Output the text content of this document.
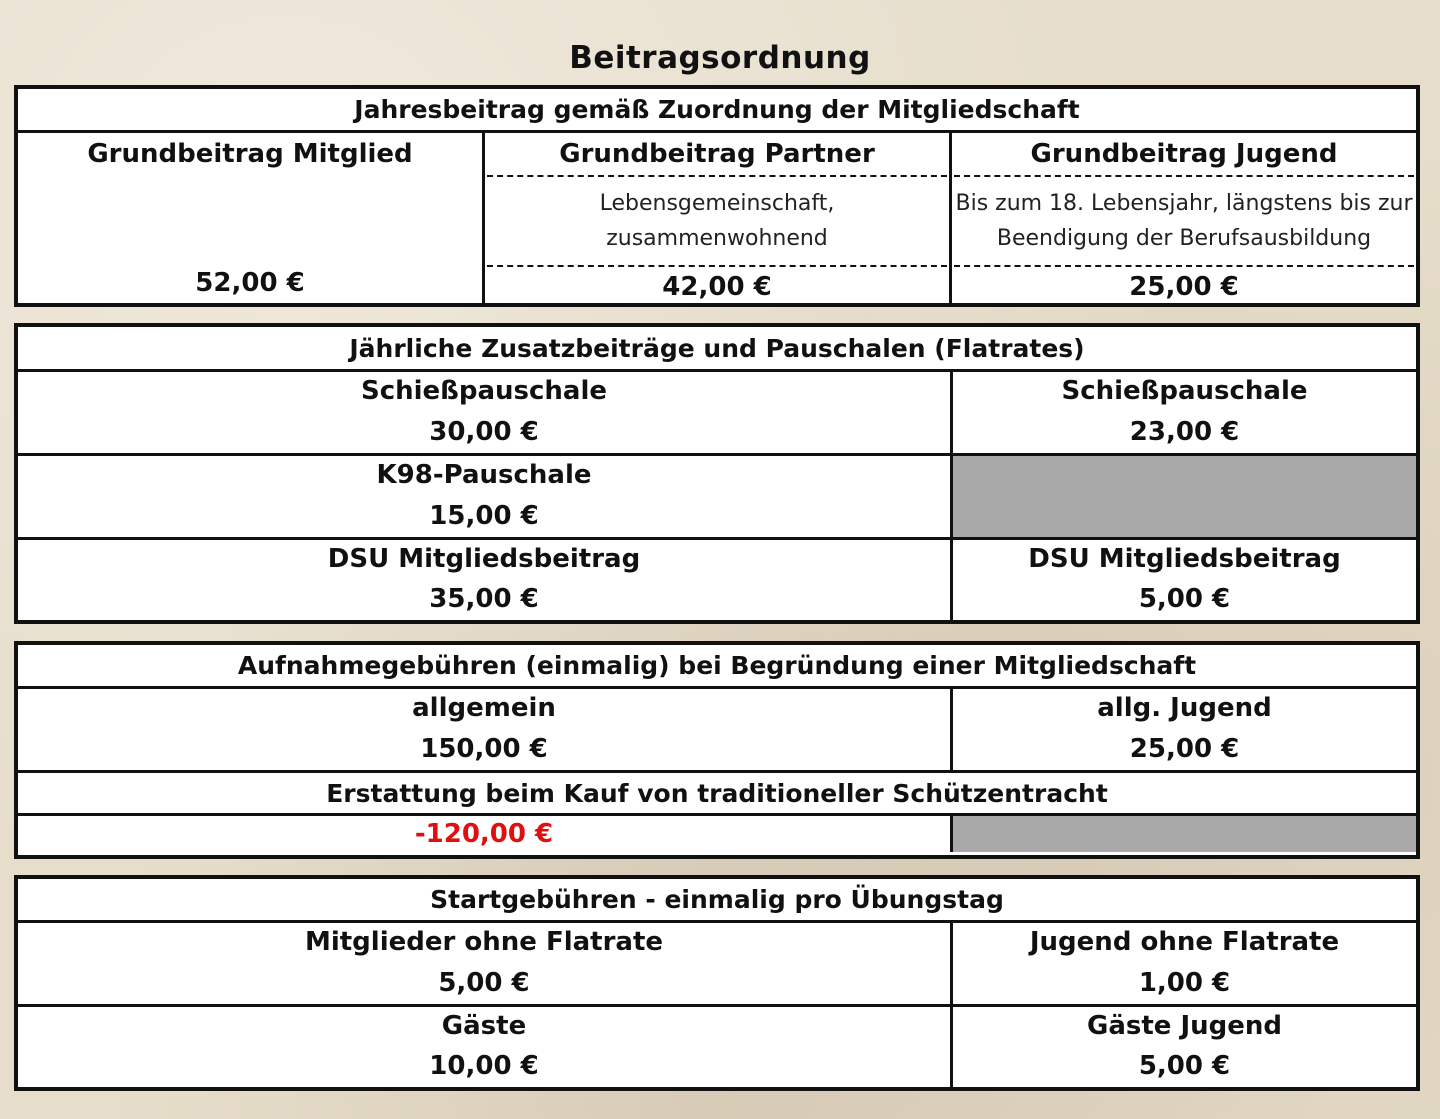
Beitragsordnung
Jahresbeitrag gemäß Zuordnung der Mitgliedschaft
Grundbeitrag Mitglied
52,00 €
Grundbeitrag Partner
Lebensgemeinschaft,
zusammenwohnend
42,00 €
Grundbeitrag Jugend
Bis zum 18. Lebensjahr, längstens bis zur
Beendigung der Berufsausbildung
25,00 €
Jährliche Zusatzbeiträge und Pauschalen (Flatrates)
Schießpauschale
30,00 €
Schießpauschale
23,00 €
K98-Pauschale
15,00 €
DSU Mitgliedsbeitrag
35,00 €
DSU Mitgliedsbeitrag
5,00 €
Aufnahmegebühren (einmalig) bei Begründung einer Mitgliedschaft
allgemein
150,00 €
allg. Jugend
25,00 €
Erstattung beim Kauf von traditioneller Schützentracht
-120,00 €
Startgebühren - einmalig pro Übungstag
Mitglieder ohne Flatrate
5,00 €
Jugend ohne Flatrate
1,00 €
Gäste
10,00 €
Gäste Jugend
5,00 €
